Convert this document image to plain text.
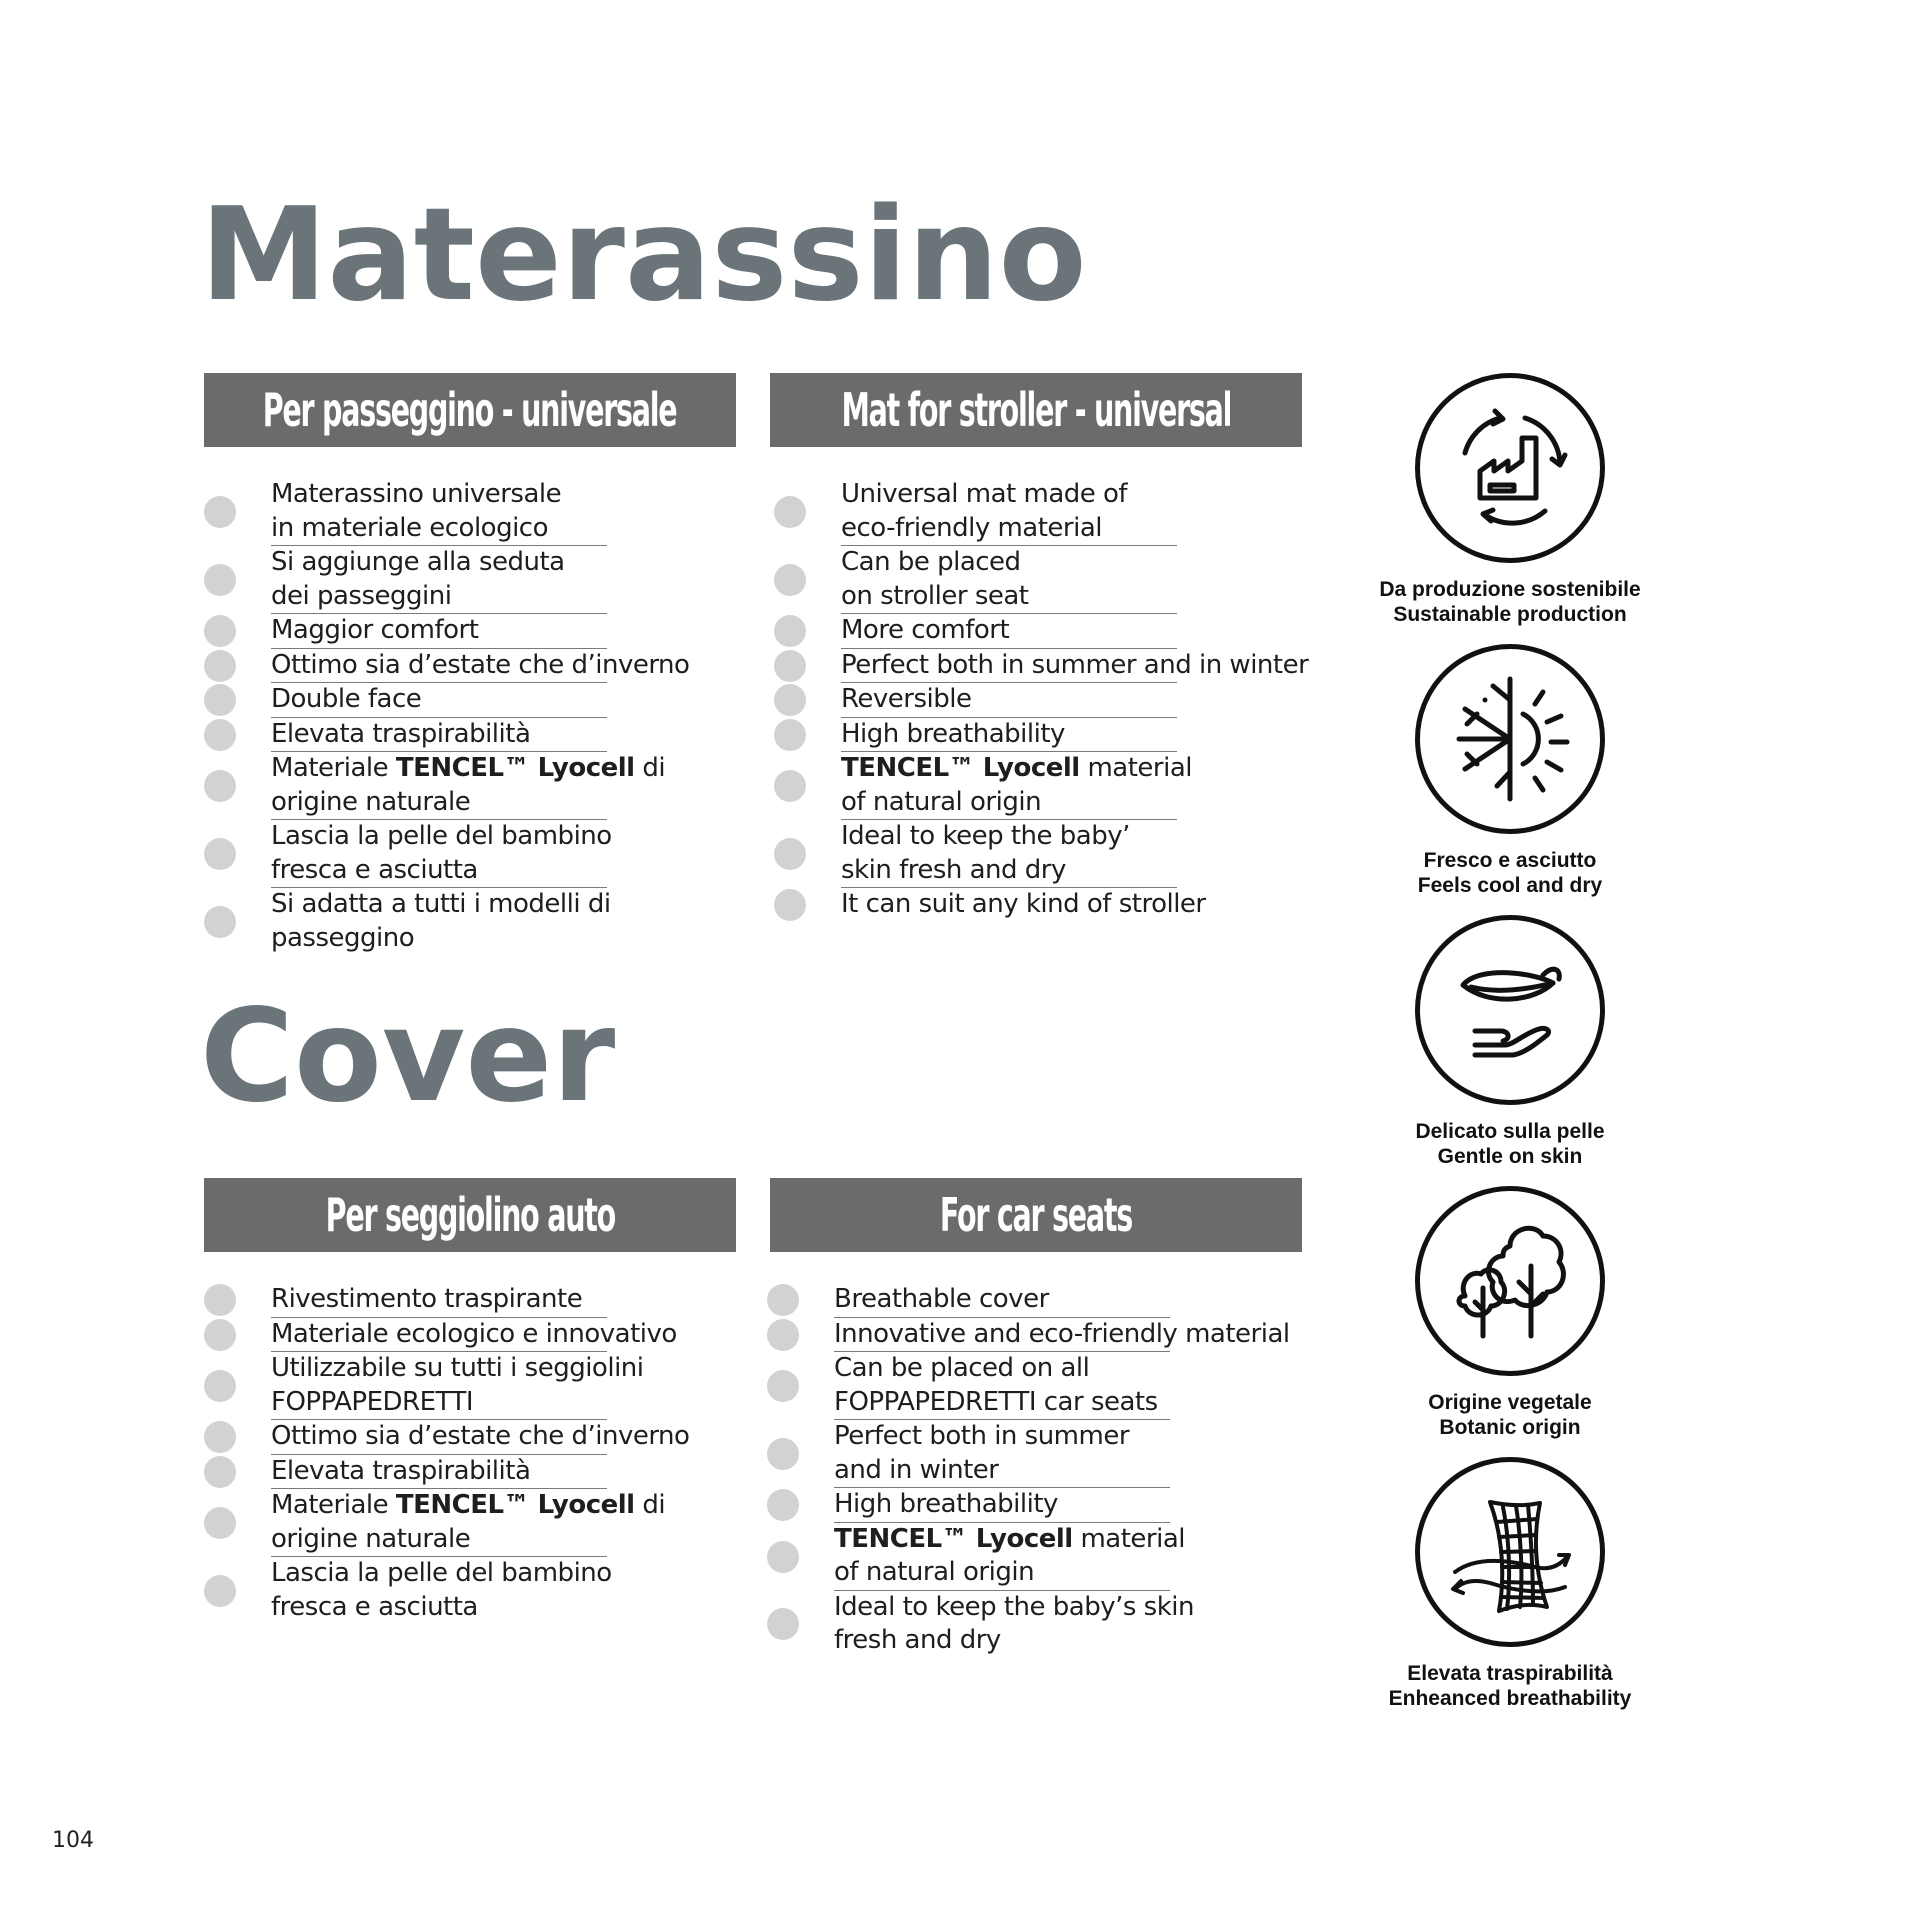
Materassino
Cover
Per passeggino - universale	Mat for stroller - universal
Per seggiolino auto	For car seats
Materassino universale
in materiale ecologico
Si aggiunge alla seduta
dei passeggini
Maggior comfort
Ottimo sia d’estate che d’inverno
Double face
Elevata traspirabilità
Materiale TENCEL™ Lyocell di
origine naturale
Lascia la pelle del bambino
fresca e asciutta
Si adatta a tutti i modelli di
passeggino
Universal mat made of
eco-friendly material
Can be placed
on stroller seat
More comfort
Perfect both in summer and in winter
Reversible
High breathability
TENCEL™ Lyocell material
of natural origin
Ideal to keep the baby’
skin fresh and dry
It can suit any kind of stroller
Rivestimento traspirante
Materiale ecologico e innovativo
Utilizzabile su tutti i seggiolini
FOPPAPEDRETTI
Ottimo sia d’estate che d’inverno
Elevata traspirabilità
Materiale TENCEL™ Lyocell di
origine naturale
Lascia la pelle del bambino
fresca e asciutta
Breathable cover
Innovative and eco-friendly material
Can be placed on all
FOPPAPEDRETTI car seats
Perfect both in summer
and in winter
High breathability
TENCEL™ Lyocell material
of natural origin
Ideal to keep the baby’s skin
fresh and dry
Da produzione sostenibile
Sustainable production
Fresco e asciutto
Feels cool and dry
Delicato sulla pelle
Gentle on skin
Origine vegetale
Botanic origin
Elevata traspirabilità
Enheanced breathability
104
